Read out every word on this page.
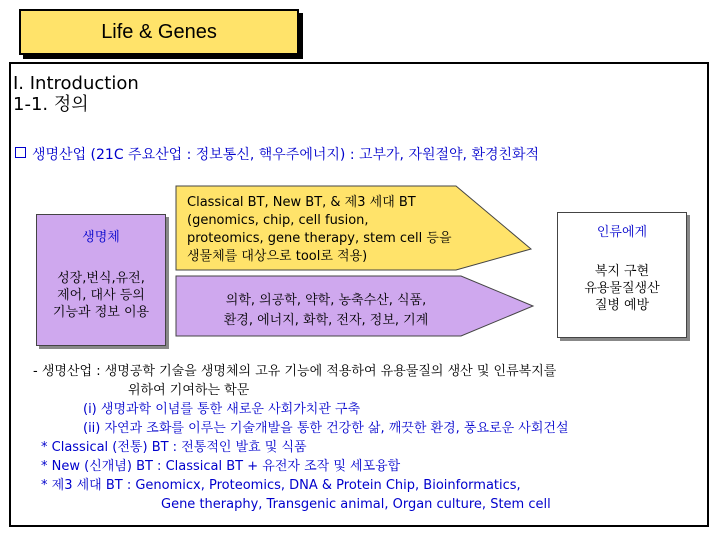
Life & Genes
I. Introduction
1-1. 정의
생명산업 (21C 주요산업 : 정보통신, 핵우주에너지) : 고부가, 자원절약, 환경친화적
생명체
성장,번식,유전,
제어, 대사 등의
기능과 정보 이용
Classical BT, New BT, & 제3 세대 BT
(genomics, chip, cell fusion,
proteomics, gene therapy, stem cell 등을
생물체를 대상으로 tool로 적용)
의학, 의공학, 약학, 농축수산, 식품,
환경, 에너지, 화학, 전자, 정보, 기계
인류에게
복지 구현
유용물질생산
질병 예방
- 생명산업 : 생명공학 기술을 생명체의 고유 기능에 적용하여 유용물질의 생산 및 인류복지를
위하여 기여하는 학문
(i) 생명과학 이념를 통한 새로운 사회가치관 구축
(ii) 자연과 조화를 이루는 기술개발을 통한 건강한 삶, 깨끗한 환경, 풍요로운 사회건설
* Classical (전통) BT : 전통적인 발효 및 식품
* New (신개념) BT : Classical BT + 유전자 조작 및 세포융합
* 제3 세대 BT : Genomicx, Proteomics, DNA & Protein Chip, Bioinformatics,
Gene theraphy, Transgenic animal, Organ culture, Stem cell
